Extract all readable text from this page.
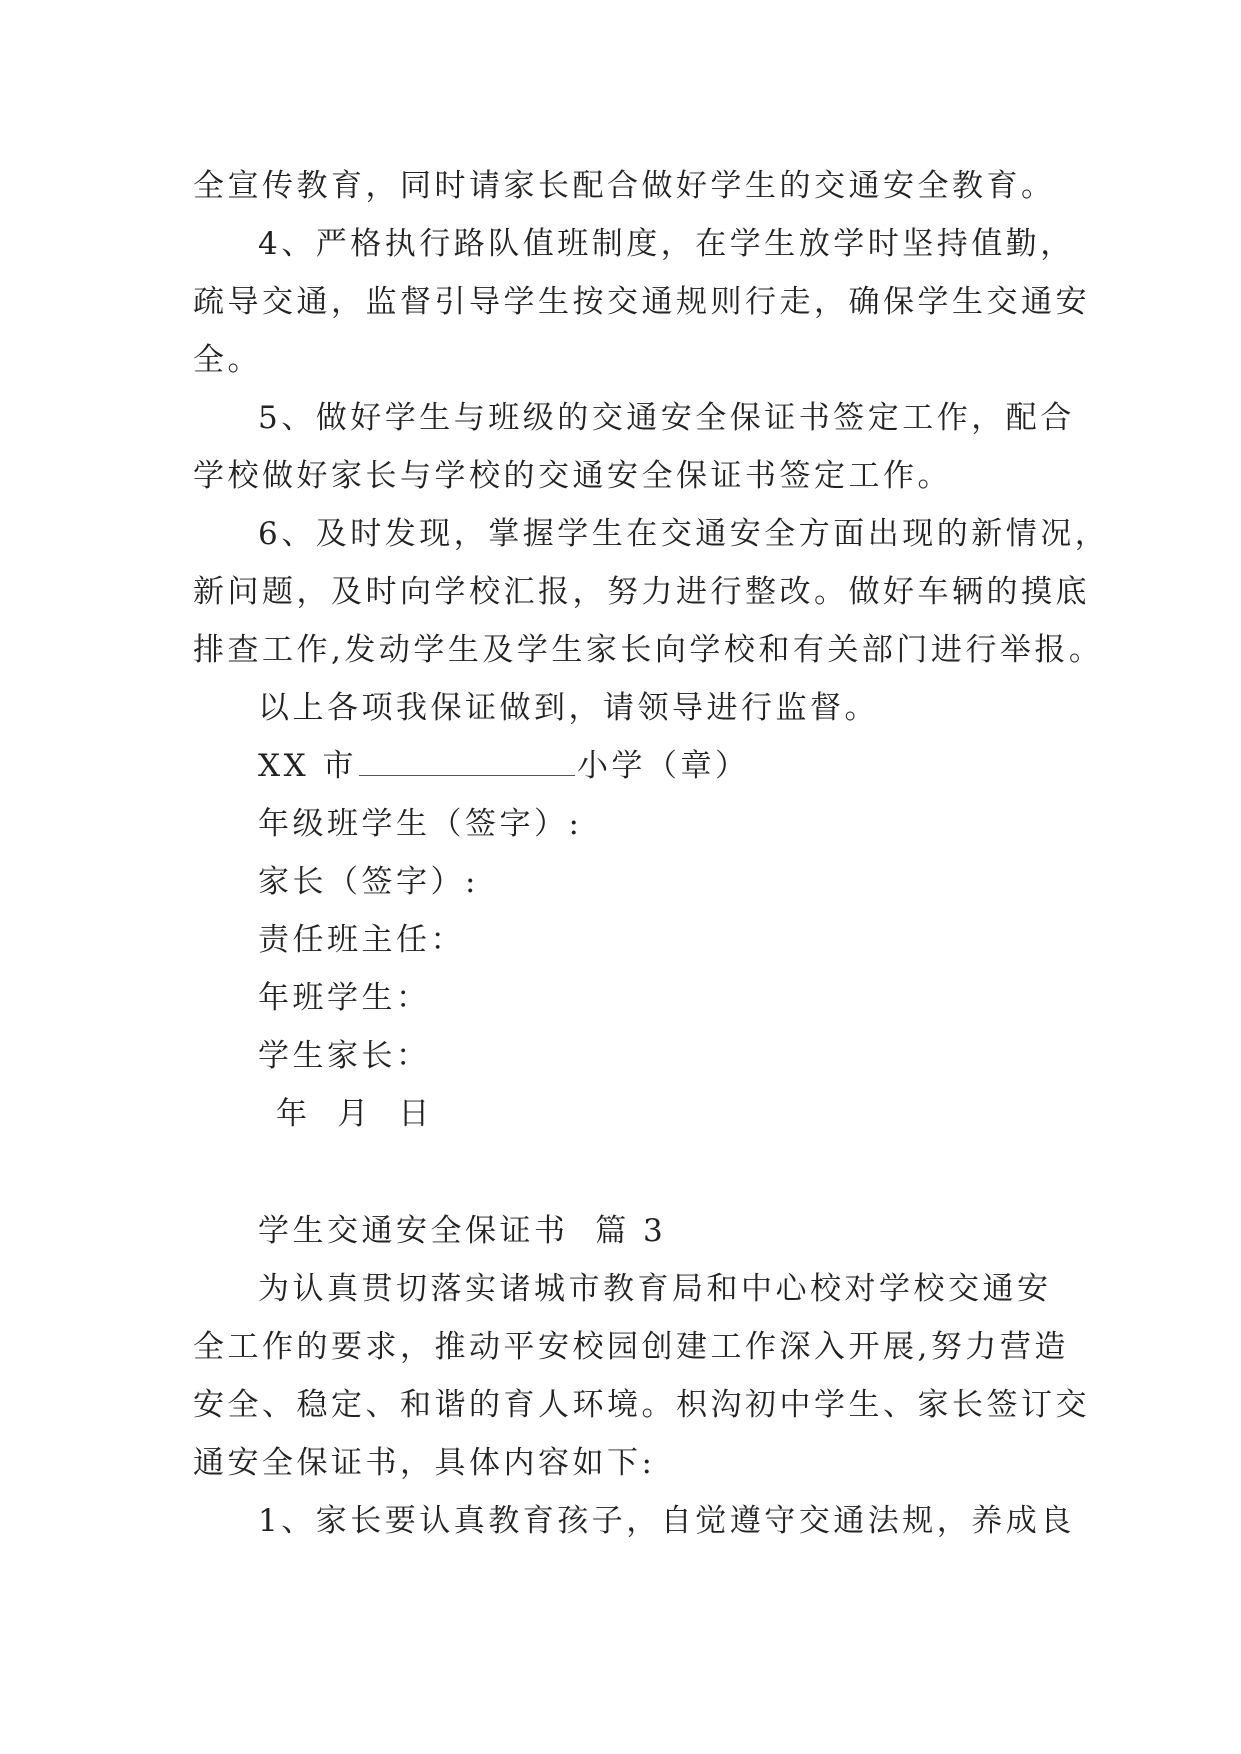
全宣传教育，同时请家长配合做好学生的交通安全教育。
4、严格执行路队值班制度，在学生放学时坚持值勤，
疏导交通，监督引导学生按交通规则行走，确保学生交通安
全。
5、做好学生与班级的交通安全保证书签定工作，配合
学校做好家长与学校的交通安全保证书签定工作。
6、及时发现，掌握学生在交通安全方面出现的新情况，
新问题，及时向学校汇报，努力进行整改。做好车辆的摸底
排查工作,发动学生及学生家长向学校和有关部门进行举报。
以上各项我保证做到，请领导进行监督。
XX 市	小学（章）
年级班学生（签字）:
家长（签字）:
责任班主任：
年班学生：
学生家长：
年  月  日
学生交通安全保证书  篇 3
为认真贯切落实诸城市教育局和中心校对学校交通安
全工作的要求，推动平安校园创建工作深入开展,努力营造
安全、稳定、和谐的育人环境。枳沟初中学生、家长签订交
通安全保证书，具体内容如下:
1、家长要认真教育孩子，自觉遵守交通法规，养成良
